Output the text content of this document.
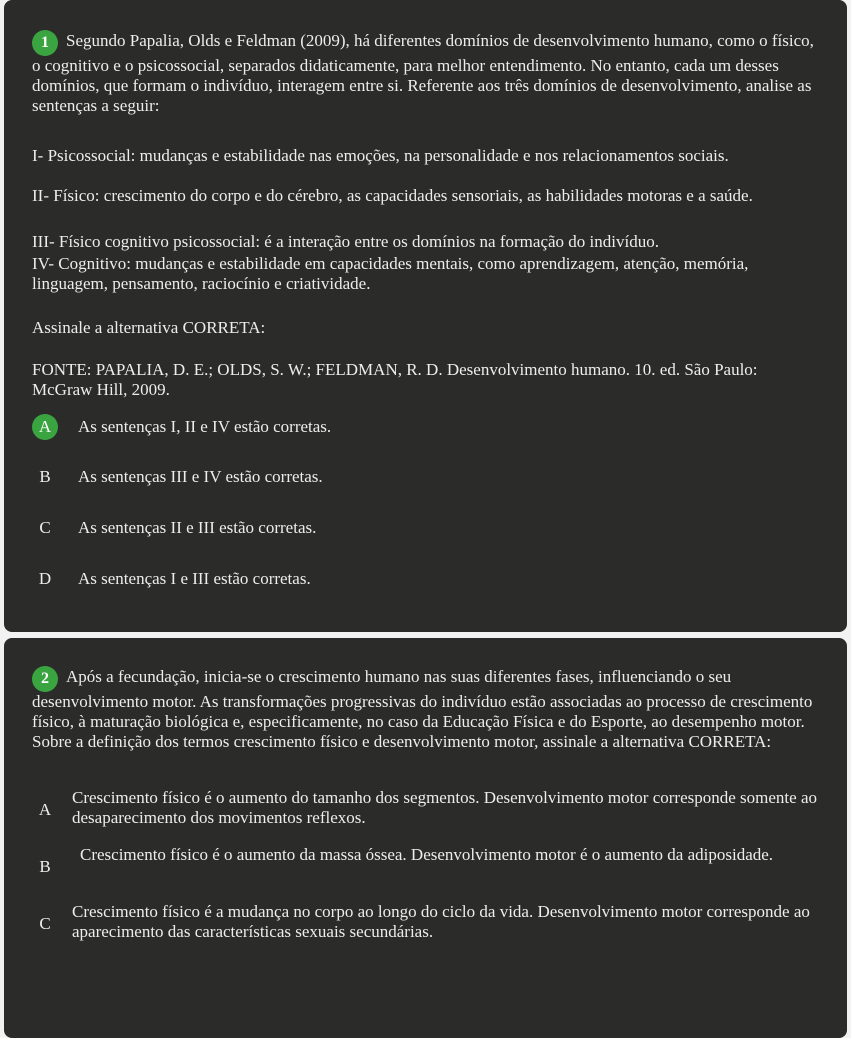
1 Segundo Papalia, Olds e Feldman (2009), há diferentes domínios de desenvolvimento humano, como o físico, o cognitivo e o psicossocial, separados didaticamente, para melhor entendimento. No entanto, cada um desses domínios, que formam o indivíduo, interagem entre si. Referente aos três domínios de desenvolvimento, analise as sentenças a seguir:

I- Psicossocial: mudanças e estabilidade nas emoções, na personalidade e nos relacionamentos sociais.
II- Físico: crescimento do corpo e do cérebro, as capacidades sensoriais, as habilidades motoras e a saúde.
III- Físico cognitivo psicossocial: é a interação entre os domínios na formação do indivíduo.
IV- Cognitivo: mudanças e estabilidade em capacidades mentais, como aprendizagem, atenção, memória, linguagem, pensamento, raciocínio e criatividade.
Assinale a alternativa CORRETA:
FONTE: PAPALIA, D. E.; OLDS, S. W.; FELDMAN, R. D. Desenvolvimento humano. 10. ed. São Paulo: McGraw Hill, 2009.
A	As sentenças I, II e IV estão corretas.
B	As sentenças III e IV estão corretas.
C	As sentenças II e III estão corretas.
D	As sentenças I e III estão corretas.

2 Após a fecundação, inicia-se o crescimento humano nas suas diferentes fases, influenciando o seu desenvolvimento motor. As transformações progressivas do indivíduo estão associadas ao processo de crescimento físico, à maturação biológica e, especificamente, no caso da Educação Física e do Esporte, ao desempenho motor. Sobre a definição dos termos crescimento físico e desenvolvimento motor, assinale a alternativa CORRETA:

A
Crescimento físico é o aumento do tamanho dos segmentos. Desenvolvimento motor corresponde somente ao desaparecimento dos movimentos reflexos.
B
Crescimento físico é o aumento da massa óssea. Desenvolvimento motor é o aumento da adiposidade.
C
Crescimento físico é a mudança no corpo ao longo do ciclo da vida. Desenvolvimento motor corresponde ao aparecimento das características sexuais secundárias.
